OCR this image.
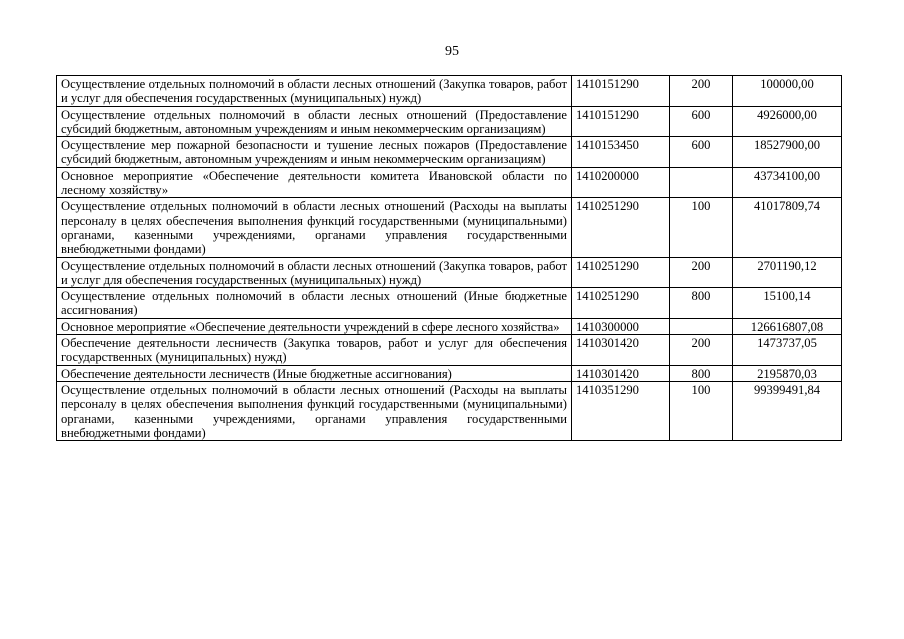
95
Осуществление отдельных полномочий в области лесных отношений (Закупка товаров, работ и услуг для обеспечения государственных (муниципальных) нужд)	1410151290	200	100000,00
Осуществление отдельных полномочий в области лесных отношений (Предоставление субсидий бюджетным, автономным учреждениям и иным некоммерческим организациям)	1410151290	600	4926000,00
Осуществление мер пожарной безопасности и тушение лесных пожаров (Предоставление субсидий бюджетным, автономным учреждениям и иным некоммерческим организациям)	1410153450	600	18527900,00
Основное мероприятие «Обеспечение деятельности комитета Ивановской области по лесному хозяйству»	1410200000		43734100,00
Осуществление отдельных полномочий в области лесных отношений (Расходы на выплаты персоналу в целях обеспечения выполнения функций государственными (муниципальными) органами, казенными учреждениями, органами управления государственными внебюджетными фондами)	1410251290	100	41017809,74
Осуществление отдельных полномочий в области лесных отношений (Закупка товаров, работ и услуг для обеспечения государственных (муниципальных) нужд)	1410251290	200	2701190,12
Осуществление отдельных полномочий в области лесных отношений (Иные бюджетные ассигнования)	1410251290	800	15100,14
Основное мероприятие «Обеспечение деятельности учреждений в сфере лесного хозяйства»	1410300000		126616807,08
Обеспечение деятельности лесничеств (Закупка товаров, работ и услуг для обеспечения государственных (муниципальных) нужд)	1410301420	200	1473737,05
Обеспечение деятельности лесничеств (Иные бюджетные ассигнования)	1410301420	800	2195870,03
Осуществление отдельных полномочий в области лесных отношений (Расходы на выплаты персоналу в целях обеспечения выполнения функций государственными (муниципальными) органами, казенными учреждениями, органами управления государственными внебюджетными фондами)	1410351290	100	99399491,84
